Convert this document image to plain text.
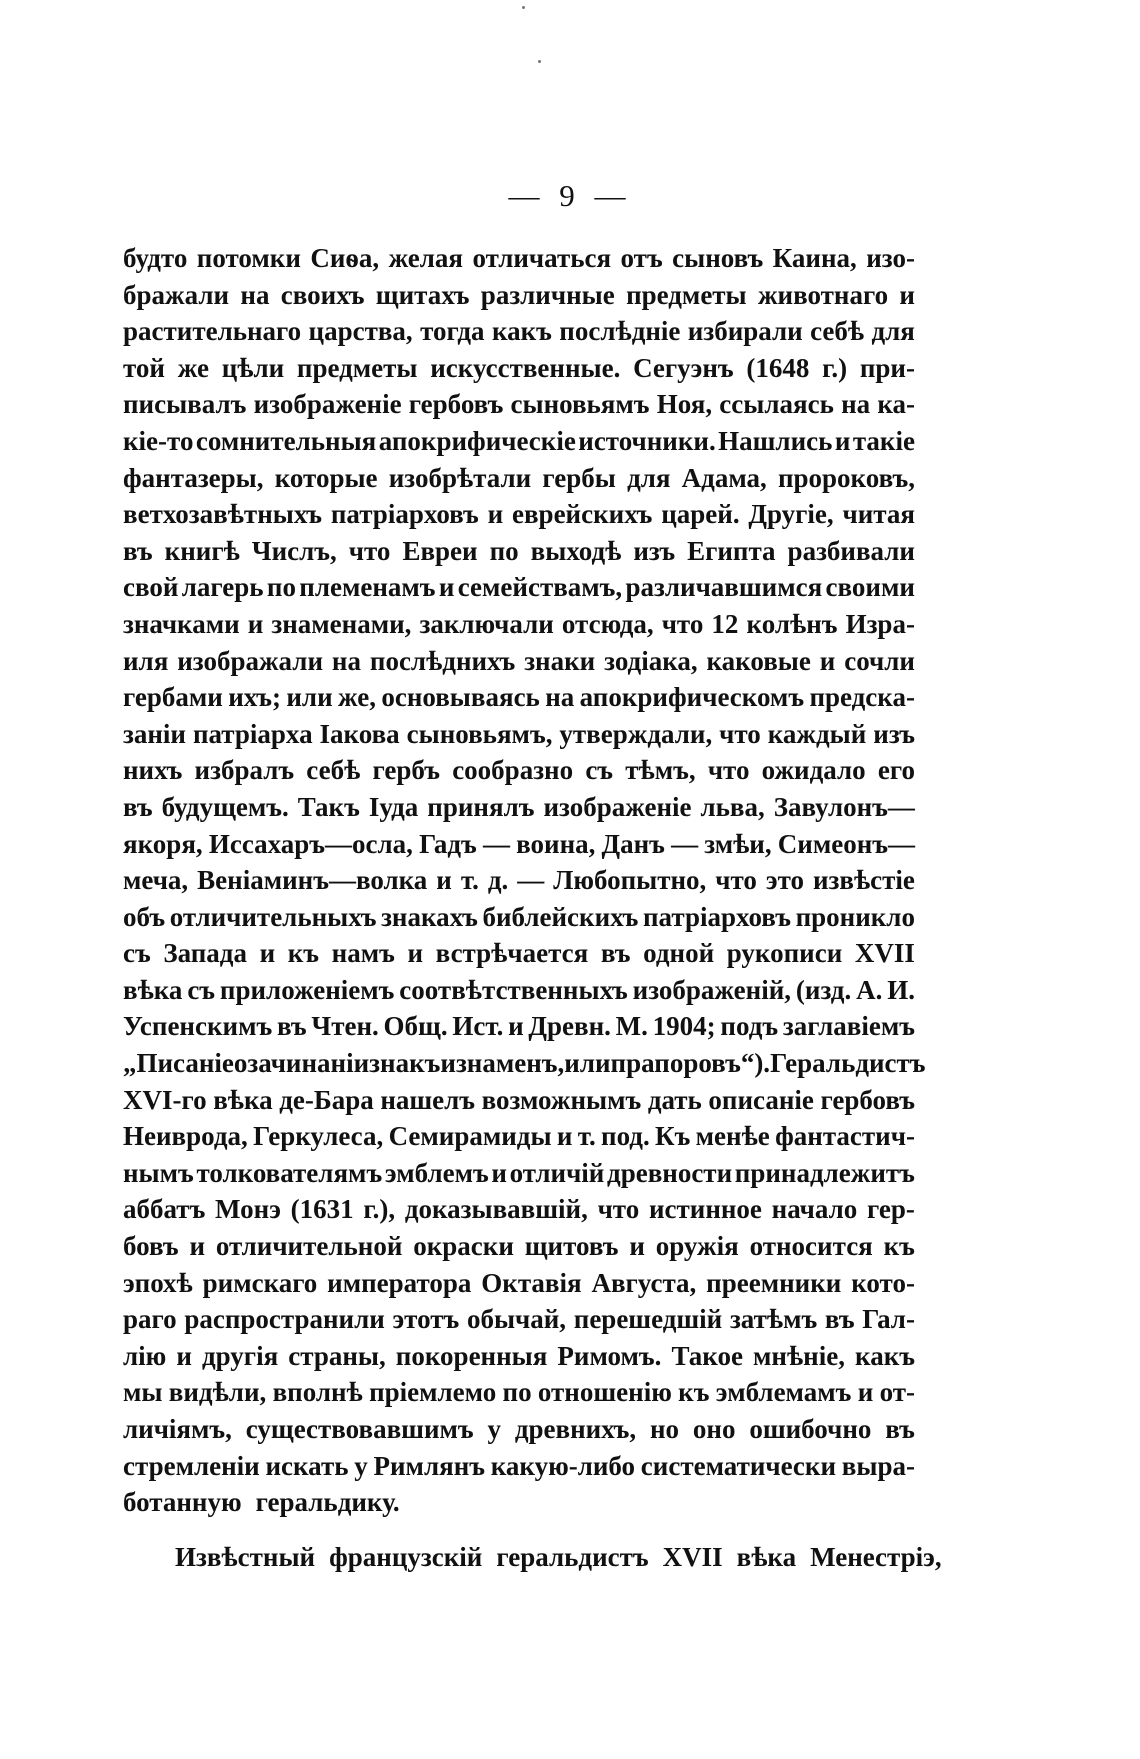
— 9 —
будто потомки Сиѳа, желая отличаться отъ сыновъ Каина, изо-
бражали на своихъ щитахъ различные предметы животнаго и
растительнаго царства, тогда какъ послѣдніе избирали себѣ для
той же цѣли предметы искусственные. Сегуэнъ (1648 г.) при-
писывалъ изображеніе гербовъ сыновьямъ Ноя, ссылаясь на ка-
кіе-то сомнительныя апокрифическіе источники. Нашлись и такіе
фантазеры, которые изобрѣтали гербы для Адама, пророковъ,
ветхозавѣтныхъ патріарховъ и еврейскихъ царей. Другіе, читая
въ книгѣ Числъ, что Евреи по выходѣ изъ Египта разбивали
свой лагерь по племенамъ и семействамъ, различавшимся своими
значками и знаменами, заключали отсюда, что 12 колѣнъ Изра-
иля изображали на послѣднихъ знаки зодіака, каковые и сочли
гербами ихъ; или же, основываясь на апокрифическомъ предска-
заніи патріарха Іакова сыновьямъ, утверждали, что каждый изъ
нихъ избралъ себѣ гербъ сообразно съ тѣмъ, что ожидало его
въ будущемъ. Такъ Іуда принялъ изображеніе льва, Завулонъ—
якоря, Иссахаръ—осла, Гадъ — воина, Данъ — змѣи, Симеонъ—
меча, Веніаминъ—волка и т. д. — Любопытно, что это извѣстіе
объ отличительныхъ знакахъ библейскихъ патріарховъ проникло
съ Запада и къ намъ и встрѣчается въ одной рукописи XVII
вѣка съ приложеніемъ соотвѣтственныхъ изображеній, (изд. А. И.
Успенскимъ въ Чтен. Общ. Ист. и Древн. М. 1904; подъ заглавіемъ
„Писаніе о зачинаніи знакъ и знаменъ, или прапоровъ“). Геральдистъ
XVI-го вѣка де-Бара нашелъ возможнымъ дать описаніе гербовъ
Неиврода, Геркулеса, Семирамиды и т. под. Къ менѣе фантастич-
нымъ толкователямъ эмблемъ и отличій древности принадлежитъ
аббатъ Монэ (1631 г.), доказывавшій, что истинное начало гер-
бовъ и отличительной окраски щитовъ и оружія относится къ
эпохѣ римскаго императора Октавія Августа, преемники кото-
раго распространили этотъ обычай, перешедшій затѣмъ въ Гал-
лію и другія страны, покоренныя Римомъ. Такое мнѣніе, какъ
мы видѣли, вполнѣ пріемлемо по отношенію къ эмблемамъ и от-
личіямъ, существовавшимъ у древнихъ, но оно ошибочно въ
стремленіи искать у Римлянъ какую-либо систематически выра-
ботанную геральдику.
Извѣстный французскій геральдистъ XVII вѣка Менестріэ,
